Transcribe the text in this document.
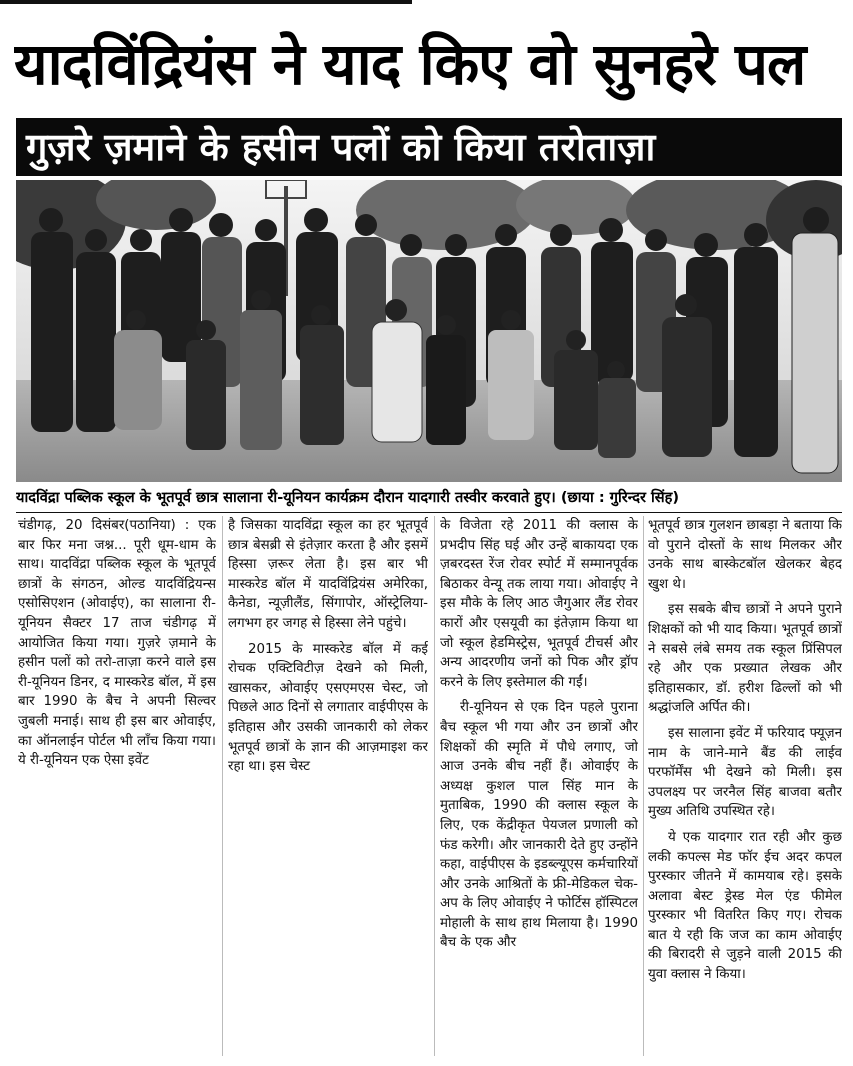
यादविंद्रियंस ने याद किए वो सुनहरे पल
गुज़रे ज़माने के हसीन पलों को किया तरोताज़ा
यादविंद्रा पब्लिक स्कूल के भूतपूर्व छात्र सालाना री-यूनियन कार्यक्रम दौरान यादगारी तस्वीर करवाते हुए। (छाया : गुरिन्दर सिंह)

चंडीगढ़, 20 दिसंबर(पठानिया) : एक बार फिर मना जश्न... पूरी धूम-धाम के साथ। यादविंद्रा पब्लिक स्कूल के भूतपूर्व छात्रों के संगठन, ओल्ड यादविंद्रियन्स एसोसिएशन (ओवाईए), का सालाना री-यूनियन सैक्टर 17 ताज चंडीगढ़ में आयोजित किया गया। गुज़रे ज़माने के हसीन पलों को तरो-ताज़ा करने वाले इस री-यूनियन डिनर, द मास्करेड बॉल, में इस बार 1990 के बैच ने अपनी सिल्वर जुबली मनाई। साथ ही इस बार ओवाईए, का ऑनलाईन पोर्टल भी लॉंच किया गया। ये री-यूनियन एक ऐसा इवेंट

है जिसका यादविंद्रा स्कूल का हर भूतपूर्व छात्र बेसब्री से इंतेज़ार करता है और इसमें हिस्सा ज़रूर लेता है। इस बार भी मास्करेड बॉल में यादविंद्रियंस अमेरिका, कैनेडा, न्यूज़ीलैंड, सिंगापोर, ऑस्ट्रेलिया- लगभग हर जगह से हिस्सा लेने पहुंचे।

2015 के मास्करेड बॉल में कई रोचक एक्टिविटीज़ देखने को मिली, खासकर, ओवाईए एसएमएस चेस्ट, जो पिछले आठ दिनों से लगातार वाईपीएस के इतिहास और उसकी जानकारी को लेकर भूतपूर्व छात्रों के ज्ञान की आज़माइश कर रहा था। इस चेस्ट

के विजेता रहे 2011 की क्लास के प्रभदीप सिंह घई और उन्हें बाकायदा एक ज़बरदस्त रेंज रोवर स्पोर्ट में सम्मानपूर्वक बिठाकर वेन्यू तक लाया गया। ओवाईए ने इस मौके के लिए आठ जैगुआर लैंड रोवर कारों और एसयूवी का इंतेज़ाम किया था जो स्कूल हेडमिस्ट्रेस, भूतपूर्व टीचर्स और अन्य आदरणीय जनों को पिक और ड्रॉप करने के लिए इस्तेमाल की गईं।

री-यूनियन से एक दिन पहले पुराना बैच स्कूल भी गया और उन छात्रों और शिक्षकों की स्मृति में पौधे लगाए, जो आज उनके बीच नहीं हैं। ओवाईए के अध्यक्ष कुशल पाल सिंह मान के मुताबिक, 1990 की क्लास स्कूल के लिए, एक केंद्रीकृत पेयजल प्रणाली को फंड करेगी। और जानकारी देते हुए उन्होंने कहा, वाईपीएस के इडब्ल्यूएस कर्मचारियों और उनके आश्रितों के फ्री-मेडिकल चेक-अप के लिए ओवाईए ने फोर्टिस हॉस्पिटल मोहाली के साथ हाथ मिलाया है। 1990 बैच के एक और

भूतपूर्व छात्र गुलशन छाबड़ा ने बताया कि वो पुराने दोस्तों के साथ मिलकर और उनके साथ बास्केटबॉल खेलकर बेहद खुश थे।

इस सबके बीच छात्रों ने अपने पुराने शिक्षकों को भी याद किया। भूतपूर्व छात्रों ने सबसे लंबे समय तक स्कूल प्रिंसिपल रहे और एक प्रख्यात लेखक और इतिहासकार, डॉ. हरीश ढिल्लों को भी श्रद्धांजलि अर्पित की।

इस सालाना इवेंट में फरियाद फ्यूज़न नाम के जाने-माने बैंड की लाईव परफॉर्मेंस भी देखने को मिली। इस उपलक्ष्य पर जरनैल सिंह बाजवा बतौर मुख्य अतिथि उपस्थित रहे।

ये एक यादगार रात रही और कुछ लकी कपल्स मेड फॉर ईच अदर कपल पुरस्कार जीतने में कामयाब रहे। इसके अलावा बेस्ट ड्रेस्ड मेल एंड फीमेल पुरस्कार भी वितरित किए गए। रोचक बात ये रही कि जज का काम ओवाईए की बिरादरी से जुड़ने वाली 2015 की युवा क्लास ने किया।
